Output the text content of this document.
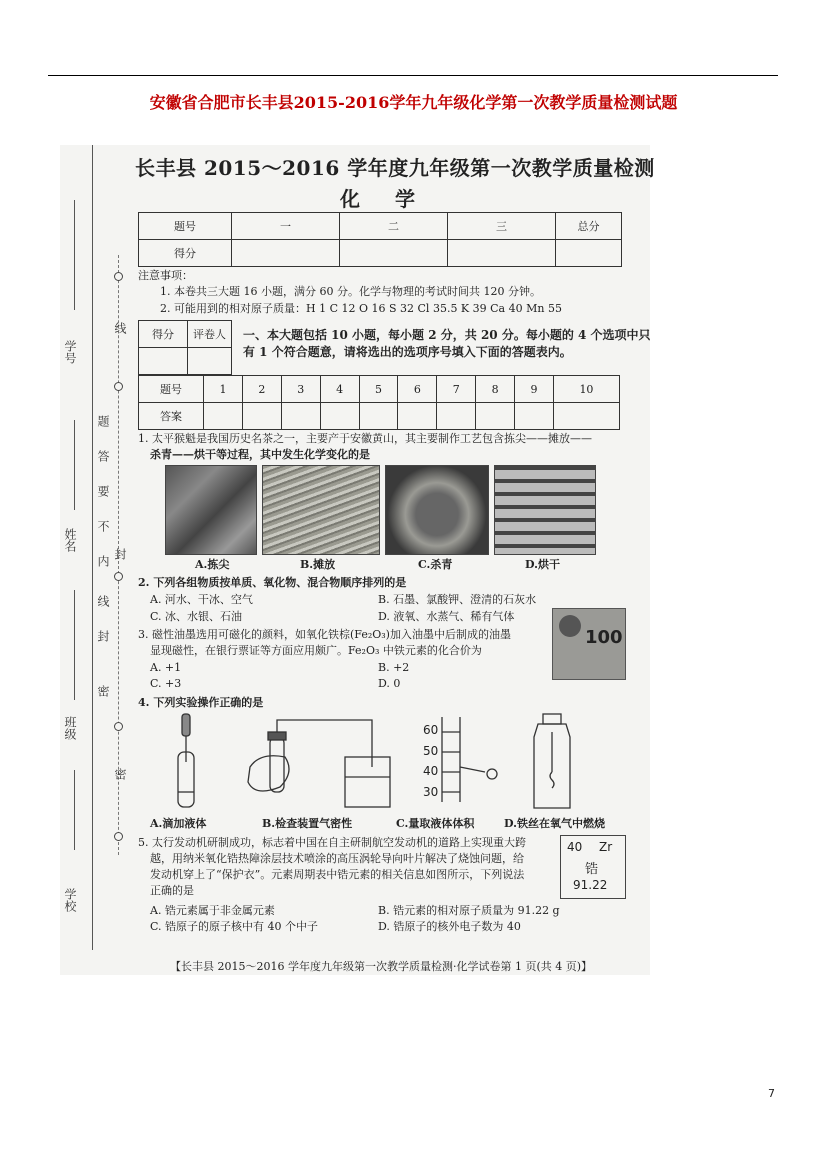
安徽省合肥市长丰县2015-2016学年九年级化学第一次教学质量检测试题
学号
姓名
班级
学校
线
封
密
密
封
线
内
不
要
答
题
长丰县 2015～2016 学年度九年级第一次教学质量检测
化 学
题号	一	二	三	总分
得分				
注意事项：
1. 本卷共三大题 16 小题，满分 60 分。化学与物理的考试时间共 120 分钟。
2. 可能用到的相对原子质量：H 1 C 12 O 16 S 32 Cl 35.5 K 39 Ca 40 Mn 55
得分	评卷人
	一、本大题包括 10 小题，每小题 2 分，共 20 分。每小题的 4 个选项中只
有 1 个符合题意，请将选出的选项序号填入下面的答题表内。
题号	1	2	3	4	5	6	7	8	9	10
答案										
1. 太平猴魁是我国历史名茶之一，主要产于安徽黄山，其主要制作工艺包含拣尖——摊放——
杀青——烘干等过程，其中发生化学变化的是
A.拣尖	B.摊放	C.杀青	D.烘干
2. 下列各组物质按单质、氧化物、混合物顺序排列的是
A. 河水、干冰、空气	B. 石墨、氯酸钾、澄清的石灰水
C. 冰、水银、石油	D. 液氧、水蒸气、稀有气体
3. 磁性油墨选用可磁化的颜料，如氧化铁棕(Fe₂O₃)加入油墨中后制成的油墨
显现磁性，在银行票证等方面应用颇广。Fe₂O₃ 中铁元素的化合价为
A. +1	B. +2
C. +3	D. 0
100
4. 下列实验操作正确的是
60
50
40
30
A.滴加液体	B.检查装置气密性	C.量取液体体积	D.铁丝在氧气中燃烧
5. 太行发动机研制成功，标志着中国在自主研制航空发动机的道路上实现重大跨
越，用纳米氧化锆热障涂层技术喷涂的高压涡轮导向叶片解决了烧蚀问题，给
发动机穿上了“保护衣”。元素周期表中锆元素的相关信息如图所示，下列说法
正确的是
A. 锆元素属于非金属元素	B. 锆元素的相对原子质量为 91.22 g
C. 锆原子的原子核中有 40 个中子	D. 锆原子的核外电子数为 40
40 Zr
锆
91.22
【长丰县 2015～2016 学年度九年级第一次教学质量检测·化学试卷第 1 页(共 4 页)】
7
